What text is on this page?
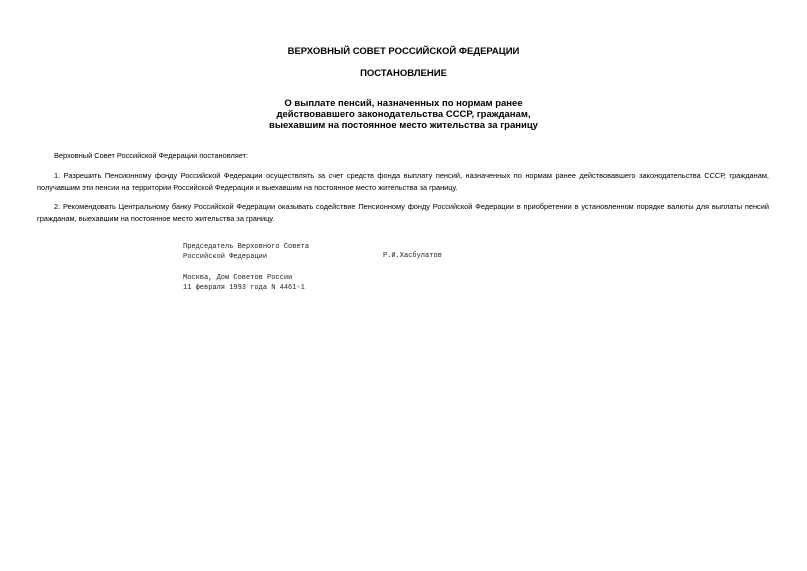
ВЕРХОВНЫЙ СОВЕТ РОССИЙСКОЙ ФЕДЕРАЦИИ
ПОСТАНОВЛЕНИЕ
О выплате пенсий, назначенных по нормам ранее
действовавшего законодательства СССР, гражданам,
выехавшим на постоянное место жительства за границу
Верховный Совет Российской Федерации постановляет:
1. Разрешить Пенсионному фонду Российской Федерации осуществлять за счет средств фонда выплату пенсий, назначенных по нормам ранее действовавшего законодательства СССР, гражданам, получавшим эти пенсии на территории Российской Федерации и выехавшим на постоянное место жительства за границу.
2. Рекомендовать Центральному банку Российской Федерации оказывать содействие Пенсионному фонду Российской Федерации в приобретении в установленном порядке валюты для выплаты пенсий гражданам, выехавшим на постоянное место жительства за границу.
Председатель Верховного Совета
Российской Федерации	Р.И.Хасбулатов
Москва, Дом Советов России
11 февраля 1993 года N 4461-1
